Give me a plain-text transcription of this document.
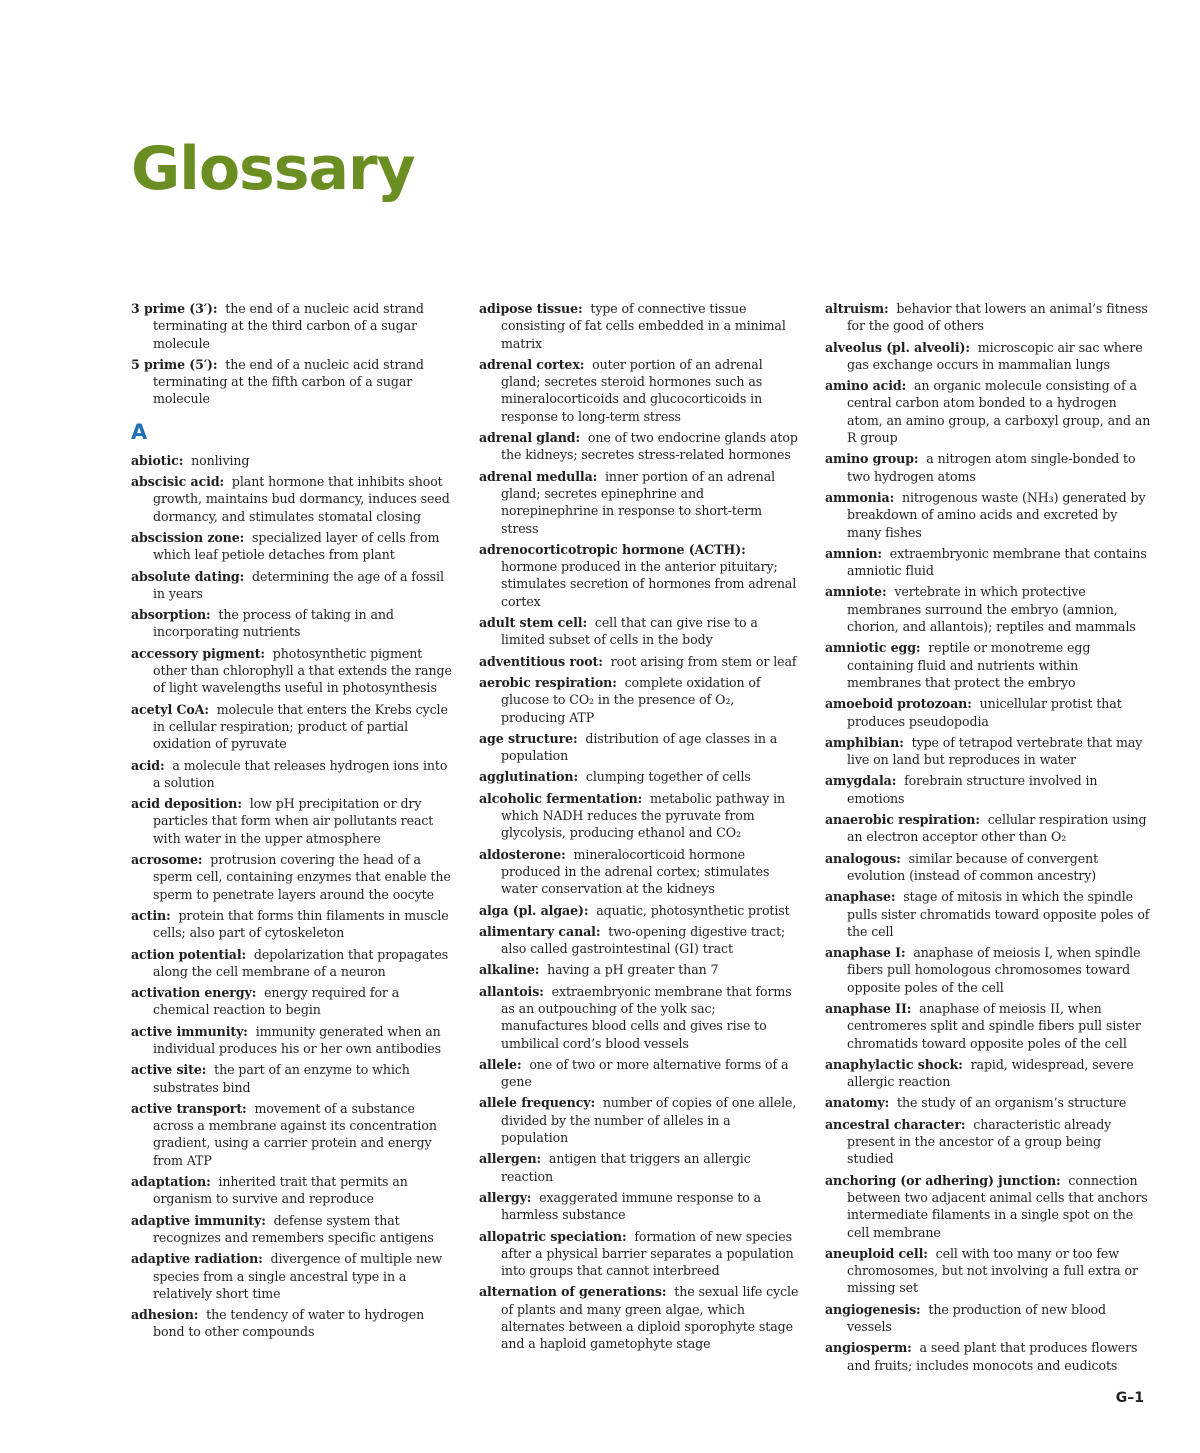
Glossary

3 prime (3′): the end of a nucleic acid strand terminating at the third carbon of a sugar molecule

5 prime (5′): the end of a nucleic acid strand terminating at the fifth carbon of a sugar molecule

A

abiotic: nonliving

abscisic acid: plant hormone that inhibits shoot growth, maintains bud dormancy, induces seed dormancy, and stimulates stomatal closing

abscission zone: specialized layer of cells from which leaf petiole detaches from plant

absolute dating: determining the age of a fossil in years

absorption: the process of taking in and incorporating nutrients

accessory pigment: photosynthetic pigment other than chlorophyll a that extends the range of light wavelengths useful in photosynthesis

acetyl CoA: molecule that enters the Krebs cycle in cellular respiration; product of partial oxidation of pyruvate

acid: a molecule that releases hydrogen ions into a solution

acid deposition: low pH precipitation or dry particles that form when air pollutants react with water in the upper atmosphere

acrosome: protrusion covering the head of a sperm cell, containing enzymes that enable the sperm to penetrate layers around the oocyte

actin: protein that forms thin filaments in muscle cells; also part of cytoskeleton

action potential: depolarization that propagates along the cell membrane of a neuron

activation energy: energy required for a chemical reaction to begin

active immunity: immunity generated when an individual produces his or her own antibodies

active site: the part of an enzyme to which substrates bind

active transport: movement of a substance across a membrane against its concentration gradient, using a carrier protein and energy from ATP

adaptation: inherited trait that permits an organism to survive and reproduce

adaptive immunity: defense system that recognizes and remembers specific antigens

adaptive radiation: divergence of multiple new species from a single ancestral type in a relatively short time

adhesion: the tendency of water to hydrogen bond to other compounds

adipose tissue: type of connective tissue consisting of fat cells embedded in a minimal matrix

adrenal cortex: outer portion of an adrenal gland; secretes steroid hormones such as mineralocorticoids and glucocorticoids in response to long-term stress

adrenal gland: one of two endocrine glands atop the kidneys; secretes stress-related hormones

adrenal medulla: inner portion of an adrenal gland; secretes epinephrine and norepinephrine in response to short-term stress

adrenocorticotropic hormone (ACTH):  hormone produced in the anterior pituitary; stimulates secretion of hormones from adrenal cortex

adult stem cell: cell that can give rise to a limited subset of cells in the body

adventitious root: root arising from stem or leaf

aerobic respiration: complete oxidation of glucose to CO₂ in the presence of O₂, producing ATP

age structure: distribution of age classes in a population

agglutination: clumping together of cells

alcoholic fermentation: metabolic pathway in which NADH reduces the pyruvate from glycolysis, producing ethanol and CO₂

aldosterone: mineralocorticoid hormone produced in the adrenal cortex; stimulates water conservation at the kidneys

alga (pl. algae): aquatic, photosynthetic protist

alimentary canal: two-opening digestive tract; also called gastrointestinal (GI) tract

alkaline: having a pH greater than 7

allantois: extraembryonic membrane that forms as an outpouching of the yolk sac; manufactures blood cells and gives rise to umbilical cord’s blood vessels

allele: one of two or more alternative forms of a gene

allele frequency: number of copies of one allele, divided by the number of alleles in a population

allergen: antigen that triggers an allergic reaction

allergy: exaggerated immune response to a harmless substance

allopatric speciation: formation of new species after a physical barrier separates a population into groups that cannot interbreed

alternation of generations: the sexual life cycle of plants and many green algae, which alternates between a diploid sporophyte stage and a haploid gametophyte stage

altruism: behavior that lowers an animal’s fitness for the good of others

alveolus (pl. alveoli): microscopic air sac where gas exchange occurs in mammalian lungs

amino acid: an organic molecule consisting of a central carbon atom bonded to a hydrogen atom, an amino group, a carboxyl group, and an R group

amino group: a nitrogen atom single-bonded to two hydrogen atoms

ammonia: nitrogenous waste (NH₃) generated by breakdown of amino acids and excreted by many fishes

amnion: extraembryonic membrane that contains amniotic fluid

amniote: vertebrate in which protective membranes surround the embryo (amnion, chorion, and allantois); reptiles and mammals

amniotic egg: reptile or monotreme egg containing fluid and nutrients within membranes that protect the embryo

amoeboid protozoan: unicellular protist that produces pseudopodia

amphibian: type of tetrapod vertebrate that may live on land but reproduces in water

amygdala: forebrain structure involved in emotions

anaerobic respiration: cellular respiration using an electron acceptor other than O₂

analogous: similar because of convergent evolution (instead of common ancestry)

anaphase: stage of mitosis in which the spindle pulls sister chromatids toward opposite poles of the cell

anaphase I: anaphase of meiosis I, when spindle fibers pull homologous chromosomes toward opposite poles of the cell

anaphase II: anaphase of meiosis II, when centromeres split and spindle fibers pull sister chromatids toward opposite poles of the cell

anaphylactic shock: rapid, widespread, severe allergic reaction

anatomy: the study of an organism’s structure

ancestral character: characteristic already present in the ancestor of a group being studied

anchoring (or adhering) junction: connection between two adjacent animal cells that anchors intermediate filaments in a single spot on the cell membrane

aneuploid cell: cell with too many or too few chromosomes, but not involving a full extra or missing set

angiogenesis: the production of new blood vessels

angiosperm: a seed plant that produces flowers and fruits; includes monocots and eudicots

G–1
